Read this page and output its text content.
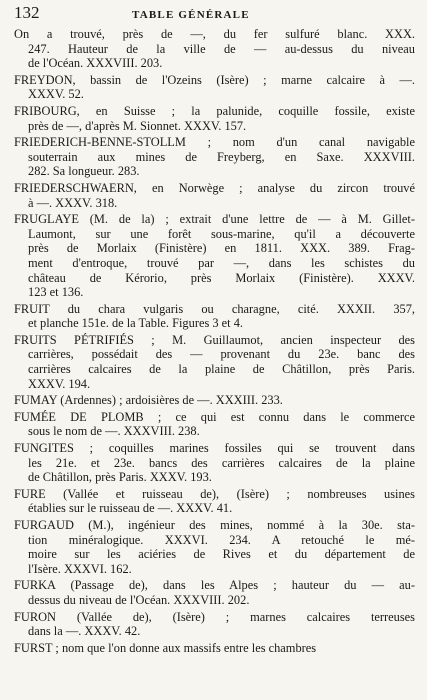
132	TABLE GÉNÉRALE
On a trouvé, près de —, du fer sulfuré blanc. XXX.
247. Hauteur de la ville de — au-dessus du niveau
de l'Océan. XXXVIII. 203.
FREYDON, bassin de l'Ozeins (Isère) ; marne calcaire à —.
XXXV. 52.
FRIBOURG, en Suisse ; la palunide, coquille fossile, existe
près de —, d'après M. Sionnet. XXXV. 157.
FRIEDERICH-BENNE-STOLLM ; nom d'un canal navigable
souterrain aux mines de Freyberg, en Saxe. XXXVIII.
282. Sa longueur. 283.
FRIEDERSCHWAERN, en Norwège ; analyse du zircon trouvé
à —. XXXV. 318.
FRUGLAYE (M. de la) ; extrait d'une lettre de — à M. Gillet-
Laumont, sur une forêt sous-marine, qu'il a découverte
près de Morlaix (Finistère) en 1811. XXX. 389. Frag-
ment d'entroque, trouvé par —, dans les schistes du
château de Kérorio, près Morlaix (Finistère). XXXV.
123 et 136.
FRUIT du chara vulgaris ou charagne, cité. XXXII. 357,
et planche 151e. de la Table. Figures 3 et 4.
FRUITS PÉTRIFIÉS ; M. Guillaumot, ancien inspecteur des
carrières, possédait des — provenant du 23e. banc des
carrières calcaires de la plaine de Châtillon, près Paris.
XXXV. 194.
FUMAY (Ardennes) ; ardoisières de —. XXXIII. 233.
FUMÉE DE PLOMB ; ce qui est connu dans le commerce
sous le nom de —. XXXVIII. 238.
FUNGITES ; coquilles marines fossiles qui se trouvent dans
les 21e. et 23e. bancs des carrières calcaires de la plaine
de Châtillon, près Paris. XXXV. 193.
FURE (Vallée et ruisseau de), (Isère) ; nombreuses usines
établies sur le ruisseau de —. XXXV. 41.
FURGAUD (M.), ingénieur des mines, nommé à la 30e. sta-
tion minéralogique. XXXVI. 234. A retouché le mé-
moire sur les aciéries de Rives et du département de
l'Isère. XXXVI. 162.
FURKA (Passage de), dans les Alpes ; hauteur du — au-
dessus du niveau de l'Océan. XXXVIII. 202.
FURON (Vallée de), (Isère) ; marnes calcaires terreuses
dans la —. XXXV. 42.
FURST ; nom que l'on donne aux massifs entre les chambres
